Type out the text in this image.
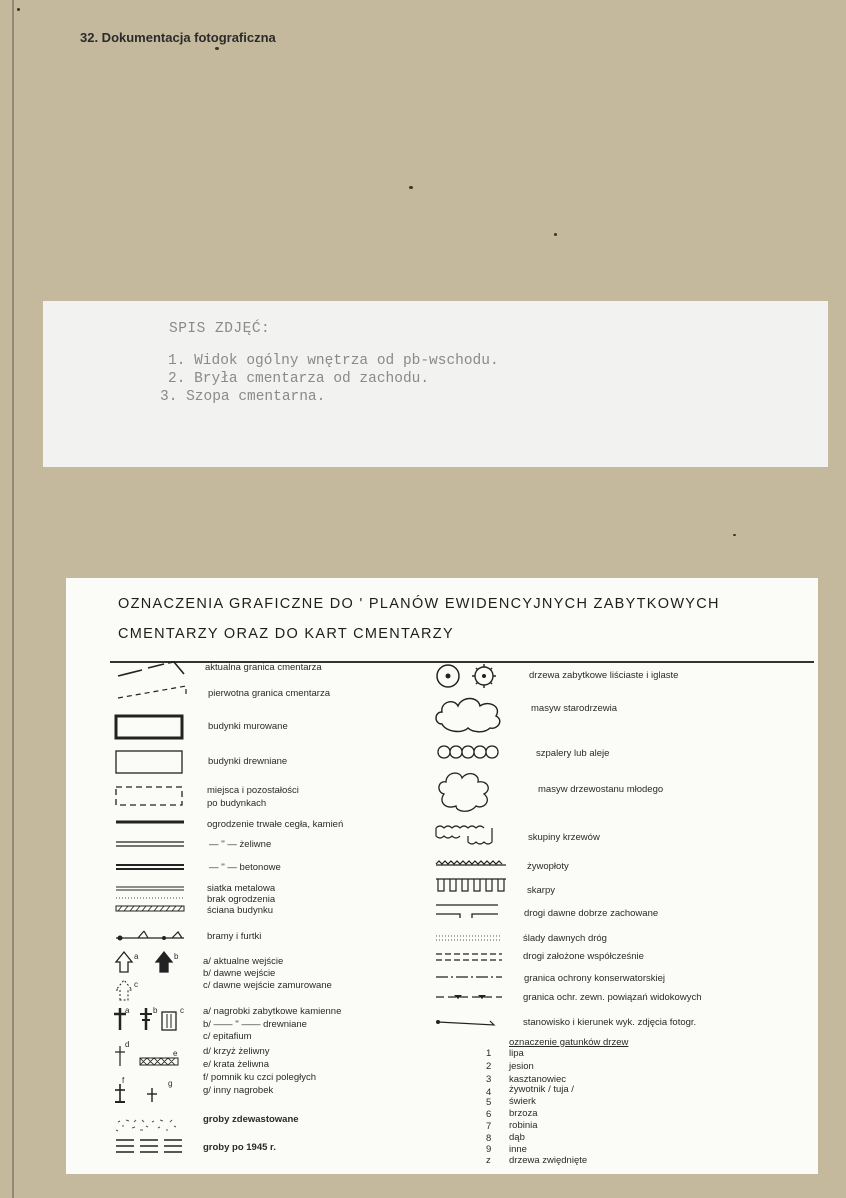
32. Dokumentacja fotograficzna
SPIS ZDJĘĆ:
1. Widok ogólny wnętrza od pb-wschodu.
2. Bryła cmentarza od zachodu.
3. Szopa cmentarna.
OZNACZENIA GRAFICZNE DO ' PLANÓW EWIDENCYJNYCH ZABYTKOWYCH
CMENTARZY ORAZ DO KART CMENTARZY
a	b
c
a	b	c
d
e
f	g
aktualna granica cmentarza
pierwotna granica cmentarza
budynki murowane
budynki drewniane
miejsca i pozostałości
po budynkach
ogrodzenie trwałe cegła, kamień
— '' — żeliwne
— '' — betonowe
siatka metalowa
brak ogrodzenia
ściana budynku
bramy i furtki
a/ aktualne wejście
b/ dawne wejście
c/ dawne wejście zamurowane
a/ nagrobki zabytkowe kamienne
b/ —— '' —— drewniane
c/ epitafium
d/ krzyż żeliwny
e/ krata żeliwna
f/ pomnik ku czci poległych
g/ inny nagrobek
groby zdewastowane
groby po 1945 r.
drzewa zabytkowe liściaste i iglaste
masyw starodrzewia
szpalery lub aleje
masyw drzewostanu młodego
skupiny krzewów
żywopłoty
skarpy
drogi dawne dobrze zachowane
ślady dawnych dróg
drogi założone współcześnie
granica ochrony konserwatorskiej
granica ochr. zewn. powiązań widokowych
stanowisko i kierunek wyk. zdjęcia fotogr.
oznaczenie gatunków drzew
1 lipa
2 jesion
3 kasztanowiec
4 żywotnik / tuja /
5 świerk
6 brzoza
7 robinia
8 dąb
9 inne
z drzewa zwiędnięte
